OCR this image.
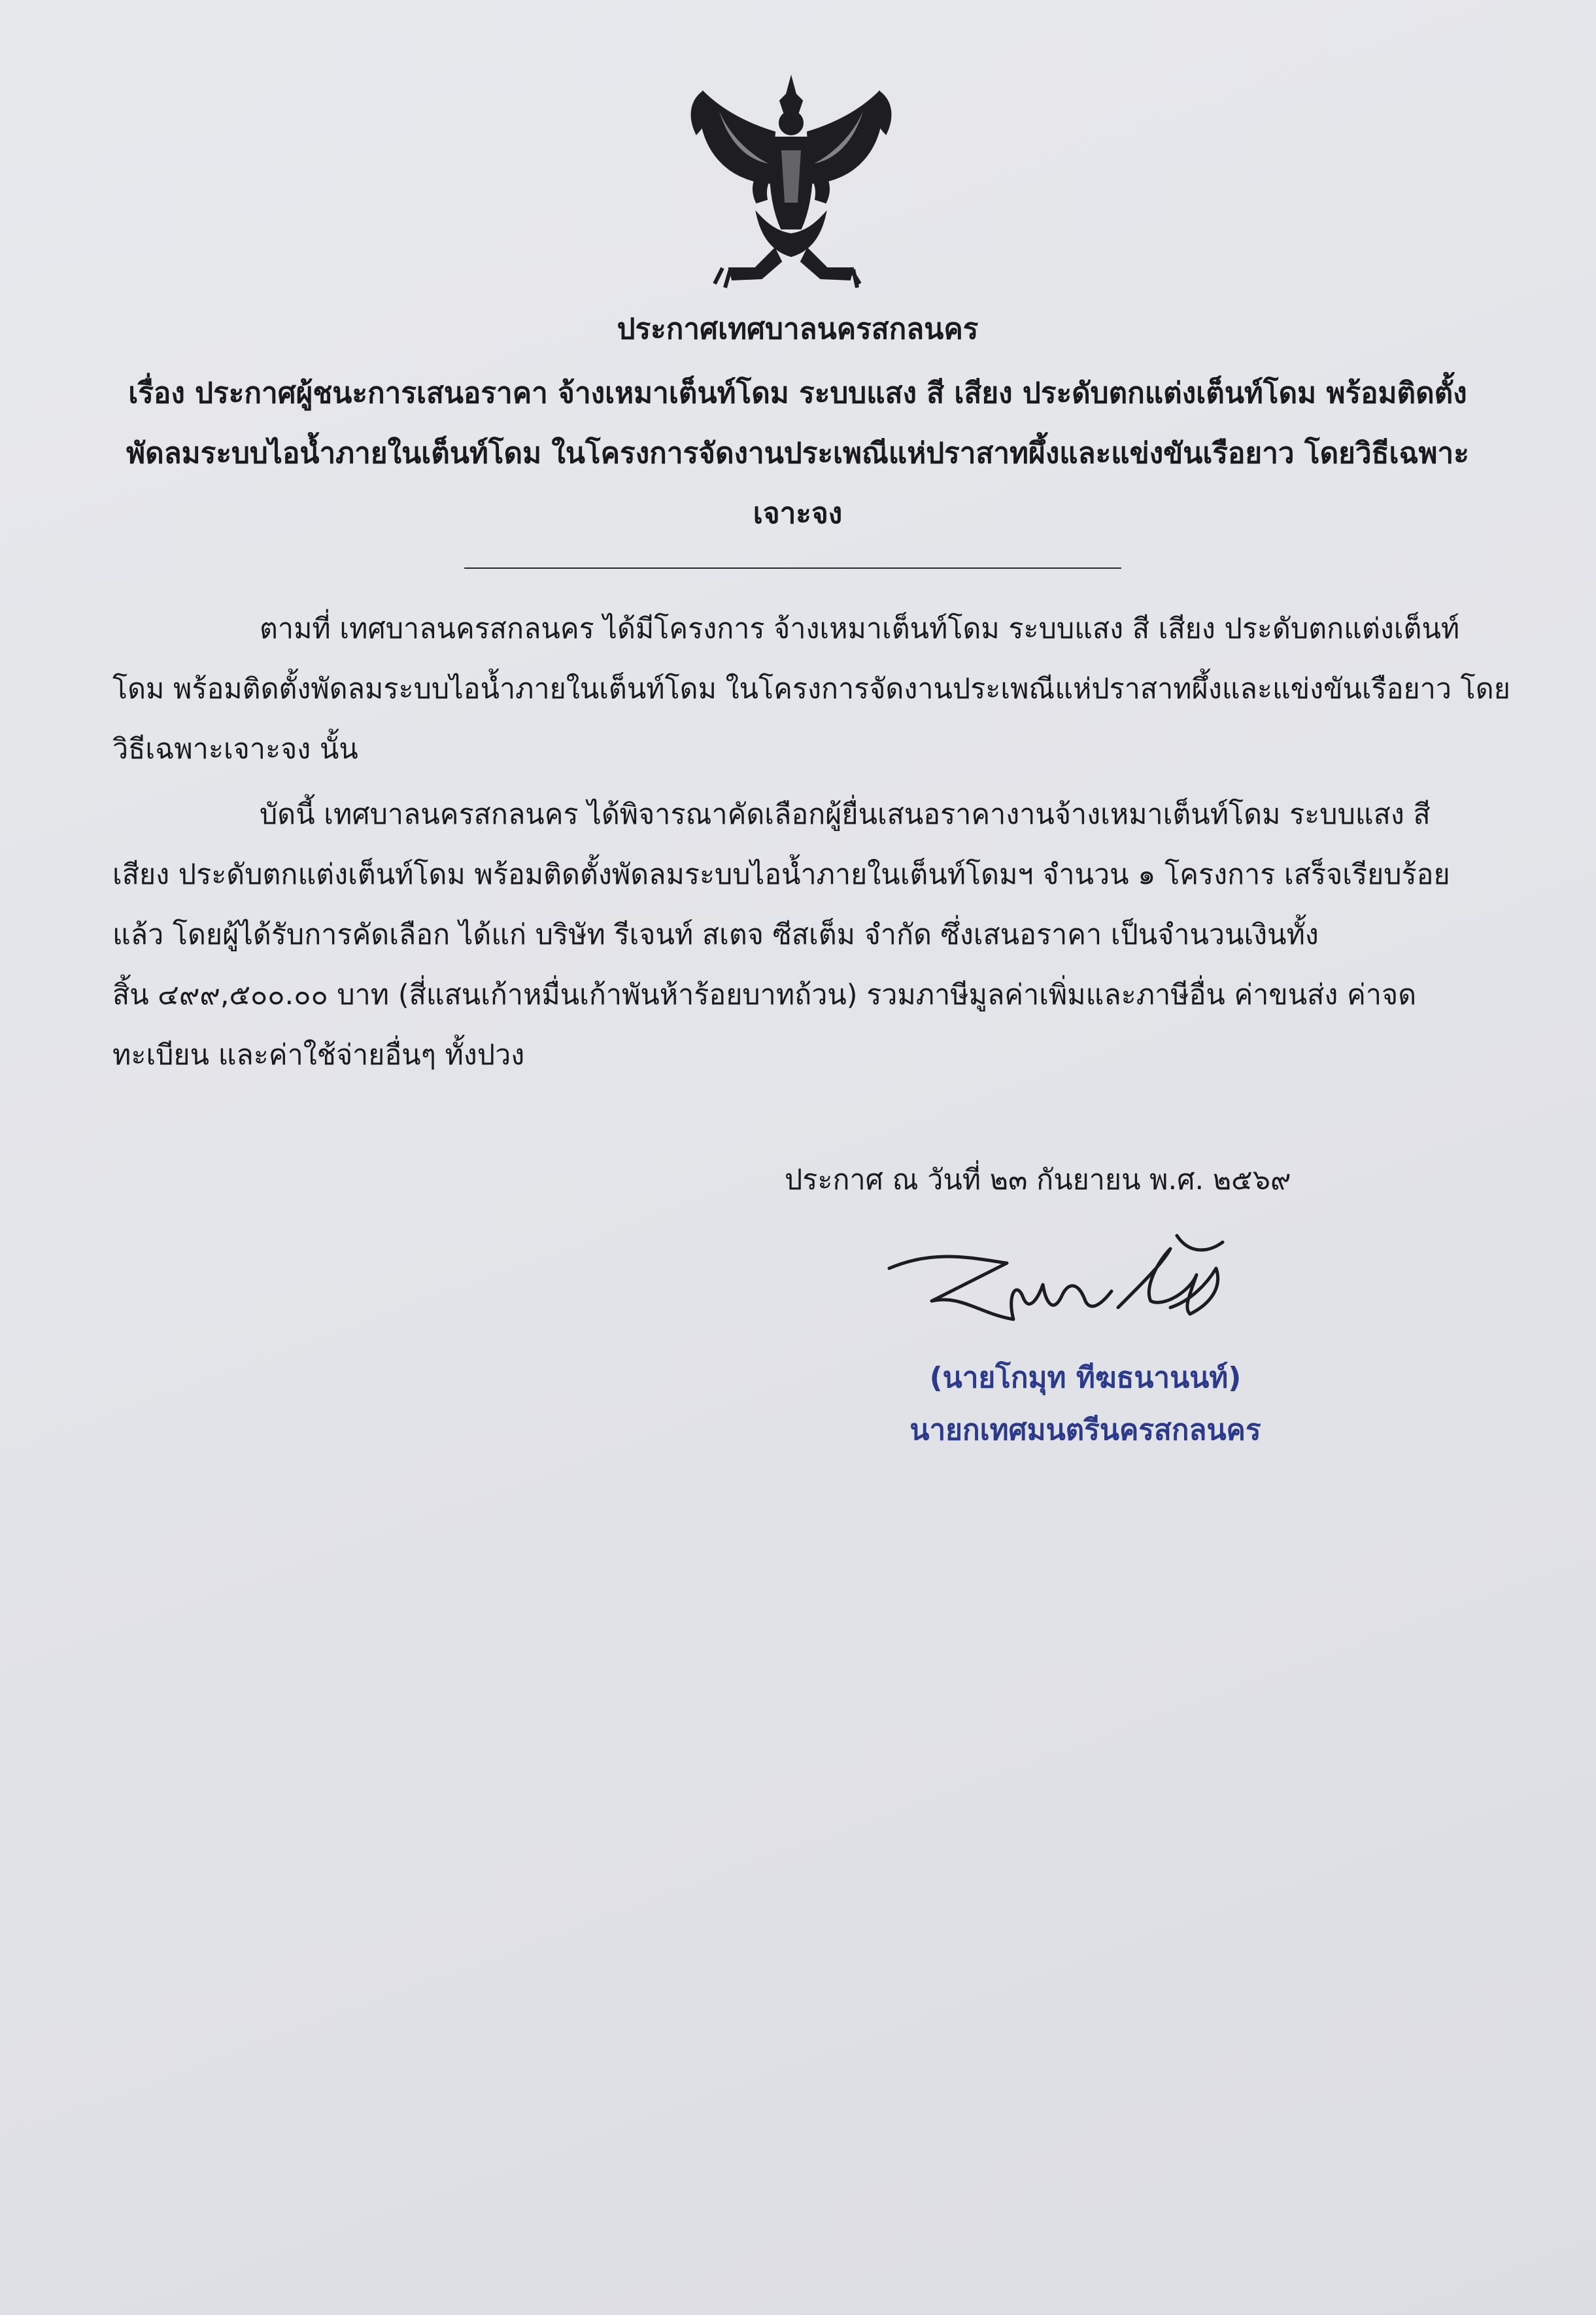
ประกาศเทศบาลนครสกลนคร
เรื่อง ประกาศผู้ชนะการเสนอราคา จ้างเหมาเต็นท์โดม ระบบแสง สี เสียง ประดับตกแต่งเต็นท์โดม พร้อมติดตั้ง
พัดลมระบบไอน้ำภายในเต็นท์โดม ในโครงการจัดงานประเพณีแห่ปราสาทผึ้งและแข่งขันเรือยาว โดยวิธีเฉพาะ
เจาะจง
ตามที่ เทศบาลนครสกลนคร ได้มีโครงการ จ้างเหมาเต็นท์โดม ระบบแสง สี เสียง ประดับตกแต่งเต็นท์
โดม พร้อมติดตั้งพัดลมระบบไอน้ำภายในเต็นท์โดม ในโครงการจัดงานประเพณีแห่ปราสาทผึ้งและแข่งขันเรือยาว โดย
วิธีเฉพาะเจาะจง นั้น
บัดนี้ เทศบาลนครสกลนคร ได้พิจารณาคัดเลือกผู้ยื่นเสนอราคางานจ้างเหมาเต็นท์โดม ระบบแสง สี
เสียง ประดับตกแต่งเต็นท์โดม พร้อมติดตั้งพัดลมระบบไอน้ำภายในเต็นท์โดมฯ จำนวน ๑ โครงการ เสร็จเรียบร้อย
แล้ว โดยผู้ได้รับการคัดเลือก ได้แก่ บริษัท รีเจนท์ สเตจ ซีสเต็ม จำกัด ซึ่งเสนอราคา เป็นจำนวนเงินทั้ง
สิ้น ๔๙๙,๕๐๐.๐๐ บาท (สี่แสนเก้าหมื่นเก้าพันห้าร้อยบาทถ้วน) รวมภาษีมูลค่าเพิ่มและภาษีอื่น ค่าขนส่ง ค่าจด
ทะเบียน และค่าใช้จ่ายอื่นๆ ทั้งปวง
ประกาศ ณ วันที่ ๒๓ กันยายน พ.ศ. ๒๕๖๙
(นายโกมุท ทีฆธนานนท์)
นายกเทศมนตรีนครสกลนคร
